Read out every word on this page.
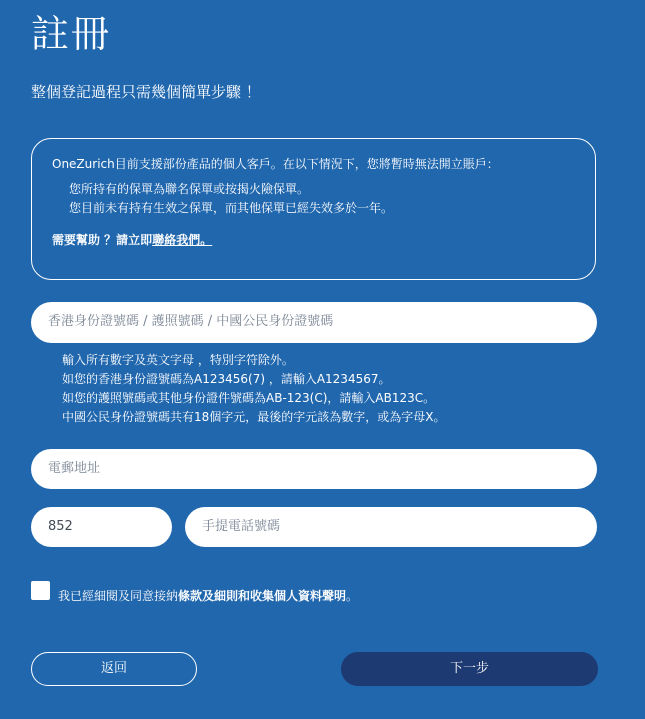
註冊
整個登記過程只需幾個簡單步驟 ！
OneZurich目前支援部份產品的個人客戶。在以下情況下，您將暫時無法開立賬戶：
您所持有的保單為聯名保單或按揭火險保單。
您目前未有持有生效之保單，而其他保單已經失效多於一年。
需要幫助 ？請立即聯絡我們。
香港身份證號碼 / 護照號碼 / 中國公民身份證號碼
輸入所有數字及英文字母 ，特別字符除外。
如您的香港身份證號碼為A123456(7) ，請輸入A1234567。
如您的護照號碼或其他身份證件號碼為AB-123(C)，請輸入AB123C。
中國公民身份證號碼共有18個字元，最後的字元該為數字，或為字母X。
電郵地址
852	手提電話號碼
我已經細閱及同意接納條款及細則和收集個人資料聲明。
返回	下一步
